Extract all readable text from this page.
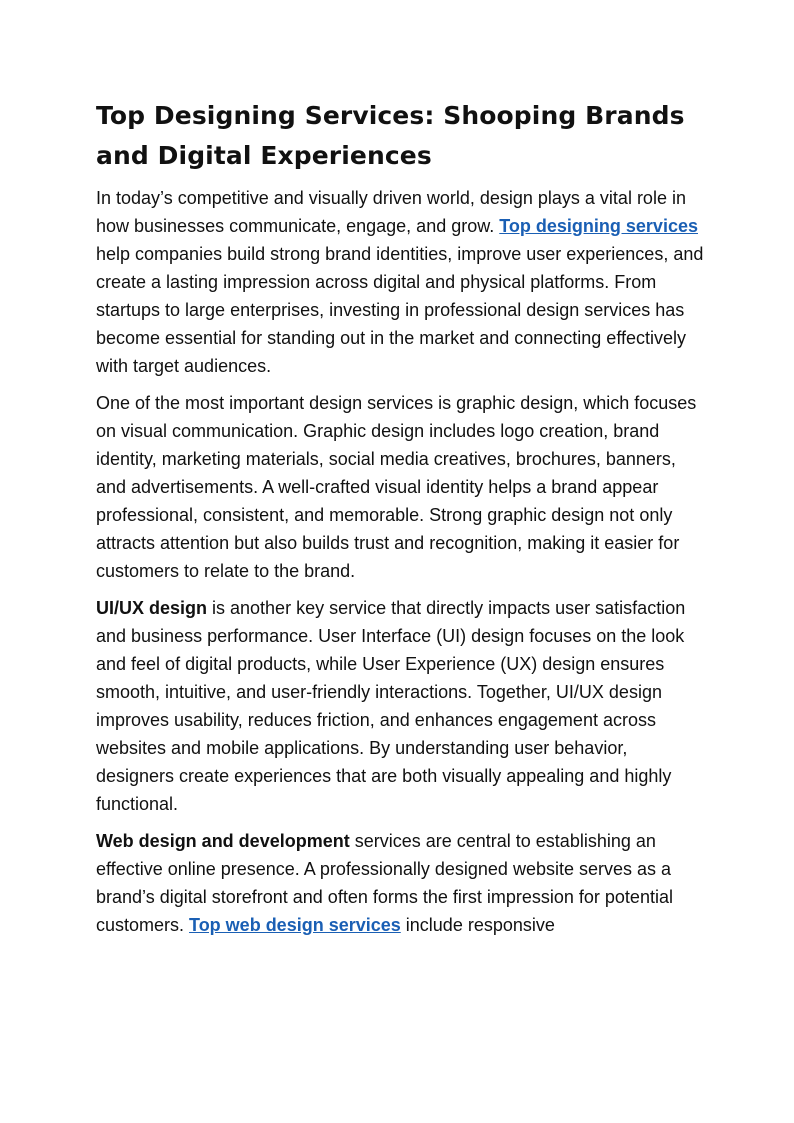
Top Designing Services: Shooping Brands and Digital Experiences

In today’s competitive and visually driven world, design plays a vital role in how businesses communicate, engage, and grow. Top designing services help companies build strong brand identities, improve user experiences, and create a lasting impression across digital and physical platforms. From startups to large enterprises, investing in professional design services has become essential for standing out in the market and connecting effectively with target audiences.

One of the most important design services is graphic design, which focuses on visual communication. Graphic design includes logo creation, brand identity, marketing materials, social media creatives, brochures, banners, and advertisements. A well-crafted visual identity helps a brand appear professional, consistent, and memorable. Strong graphic design not only attracts attention but also builds trust and recognition, making it easier for customers to relate to the brand.

UI/UX design is another key service that directly impacts user satisfaction and business performance. User Interface (UI) design focuses on the look and feel of digital products, while User Experience (UX) design ensures smooth, intuitive, and user-friendly interactions. Together, UI/UX design improves usability, reduces friction, and enhances engagement across websites and mobile applications. By understanding user behavior, designers create experiences that are both visually appealing and highly functional.

Web design and development services are central to establishing an effective online presence. A professionally designed website serves as a brand’s digital storefront and often forms the first impression for potential customers. Top web design services include responsive
